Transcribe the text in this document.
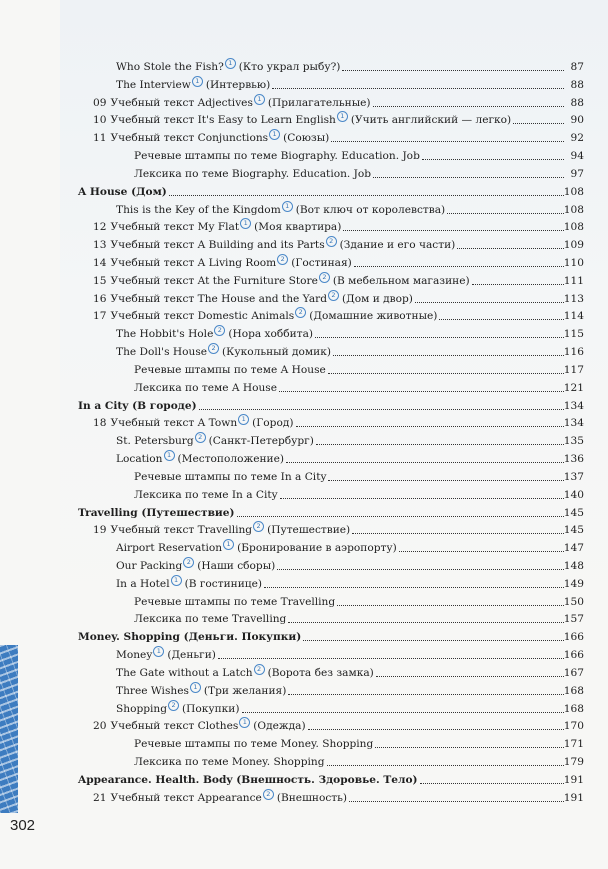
Who Stole the Fish? 1 (Кто украл рыбу?)	87
The Interview 1 (Интервью)	88
09 Учебный текст Adjectives 1 (Прилагательные)	88
10 Учебный текст It's Easy to Learn English 1 (Учить английский — легко)	90
11 Учебный текст Conjunctions 1 (Союзы)	92
Речевые штампы по теме Biography. Education. Job	94
Лексика по теме Biography. Education. Job	97
A House (Дом)	108
This is the Key of the Kingdom 1 (Вот ключ от королевства)	108
12 Учебный текст My Flat 1 (Моя квартира)	108
13 Учебный текст A Building and its Parts 2 (Здание и его части)	109
14 Учебный текст A Living Room 2 (Гостиная)	110
15 Учебный текст At the Furniture Store 2 (В мебельном магазине)	111
16 Учебный текст The House and the Yard 2 (Дом и двор)	113
17 Учебный текст Domestic Animals 2 (Домашние животные)	114
The Hobbit's Hole 2 (Нора хоббита)	115
The Doll's House 2 (Кукольный домик)	116
Речевые штампы по теме A House	117
Лексика по теме A House	121
In a City (В городе)	134
18 Учебный текст A Town 1 (Город)	134
St. Petersburg 2 (Санкт-Петербург)	135
Location 1 (Местоположение)	136
Речевые штампы по теме In a City	137
Лексика по теме In a City	140
Travelling (Путешествие)	145
19 Учебный текст Travelling 2 (Путешествие)	145
Airport Reservation 1 (Бронирование в аэропорту)	147
Our Packing 2 (Наши сборы)	148
In a Hotel 1 (В гостинице)	149
Речевые штампы по теме Travelling	150
Лексика по теме Travelling	157
Money. Shopping (Деньги. Покупки)	166
Money 1 (Деньги)	166
The Gate without a Latch 2 (Ворота без замка)	167
Three Wishes 1 (Три желания)	168
Shopping 2 (Покупки)	168
20 Учебный текст Clothes 1 (Одежда)	170
Речевые штампы по теме Money. Shopping	171
Лексика по теме Money. Shopping	179
Appearance. Health. Body (Внешность. Здоровье. Тело)	191
21 Учебный текст Appearance 2 (Внешность)	191
302
